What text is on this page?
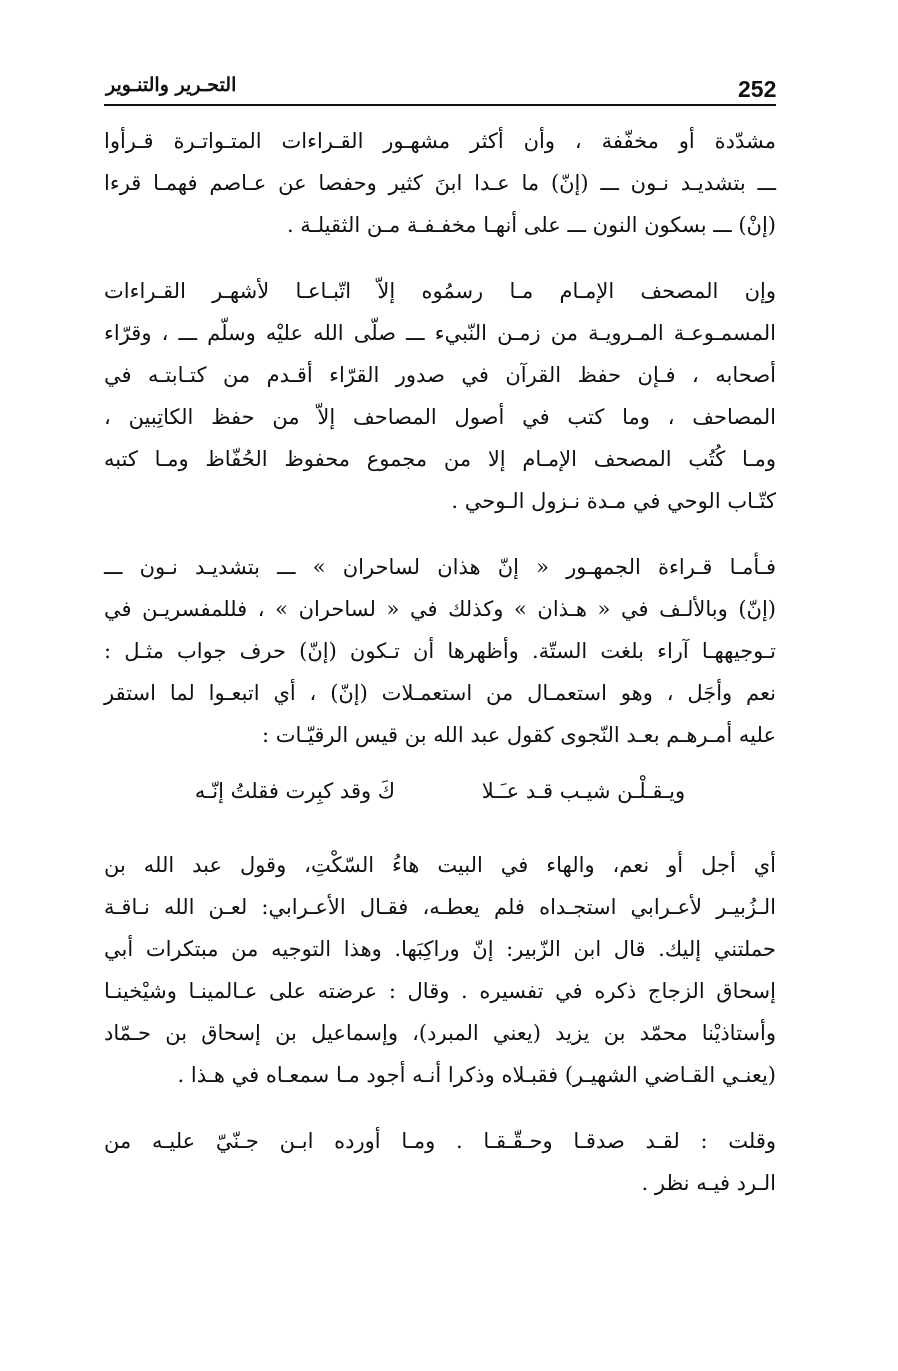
252
التحـرير والتنـوير
مشدّدة أو مخفّفة ، وأن أكثر مشهـور القـراءات المتـواتـرة قـرأوا
ـــ بتشديـد نـون ـــ (إنّ) ما عـدا ابنَ كثير وحفصا عن عـاصم فهمـا قرءا
(إنْ) ـــ بسكون النون ـــ على أنهـا مخفـفـة مـن الثقيلـة .
وإن المصحف الإمـام مـا رسمُوه إلاّ اتّبـاعـا لأشهـر القـراءات
المسمـوعـة المـرويـة من زمـن النّبيء ـــ صلّى الله عليْه وسلّم ـــ ، وقرّاء
أصحابه ، فـإن حفظ القرآن في صدور القرّاء أقـدم من كتـابتـه في
المصاحف ، وما كتب في أصول المصاحف إلاّ من حفظ الكاتِبين ،
ومـا كُتُب المصحف الإمـام إلا من مجموع محفوظ الحُفّاظ ومـا كتبه
كتّـاب الوحي في مـدة نـزول الـوحي .
فـأمـا قـراءة الجمهـور « إنّ هذان لساحران » ـــ بتشديـد نـون ـــ
(إنّ) وبالألـف في « هـذان » وكذلك في « لساحران » ، فللمفسريـن في
تـوجيههـا آراء بلغت الستّة. وأظهرها أن تـكون (إنّ) حرف جواب مثـل :
نعم وأجَل ، وهو استعمـال من استعمـلات (إنّ) ، أي اتبعـوا لما استقر
عليه أمـرهـم بعـد النّجوى كقول عبد الله بن قيس الرقيّـات :
ويـقـلْـن شيـب قـد عـَـلا كَ وقد كبِرت فقلتُ إنّـه
أي أجل أو نعم، والهاء في البيت هاءُ السّكْتِ، وقول عبد الله بن
الـزُبيـر لأعـرابي استجـداه فلم يعطـه، فقـال الأعـرابي: لعـن الله نـاقـة
حملتني إليك. قال ابن الزّبير: إنّ وراكِبَها. وهذا التوجيه من مبتكرات أبي
إسحاق الزجاج ذكره في تفسيره . وقال : عرضته على عـالمينـا وشيْخينـا
وأستاذيْنا محمّد بن يزيد (يعني المبرد)، وإسماعيل بن إسحاق بن حـمّاد
(يعنـي القـاضي الشهيـر) فقبـلاه وذكرا أنـه أجود مـا سمعـاه في هـذا .
وقلت : لقـد صدقـا وحـقّـقـا . ومـا أورده ابـن جـنّيّ عليـه من
الـرد فيـه نظر .
